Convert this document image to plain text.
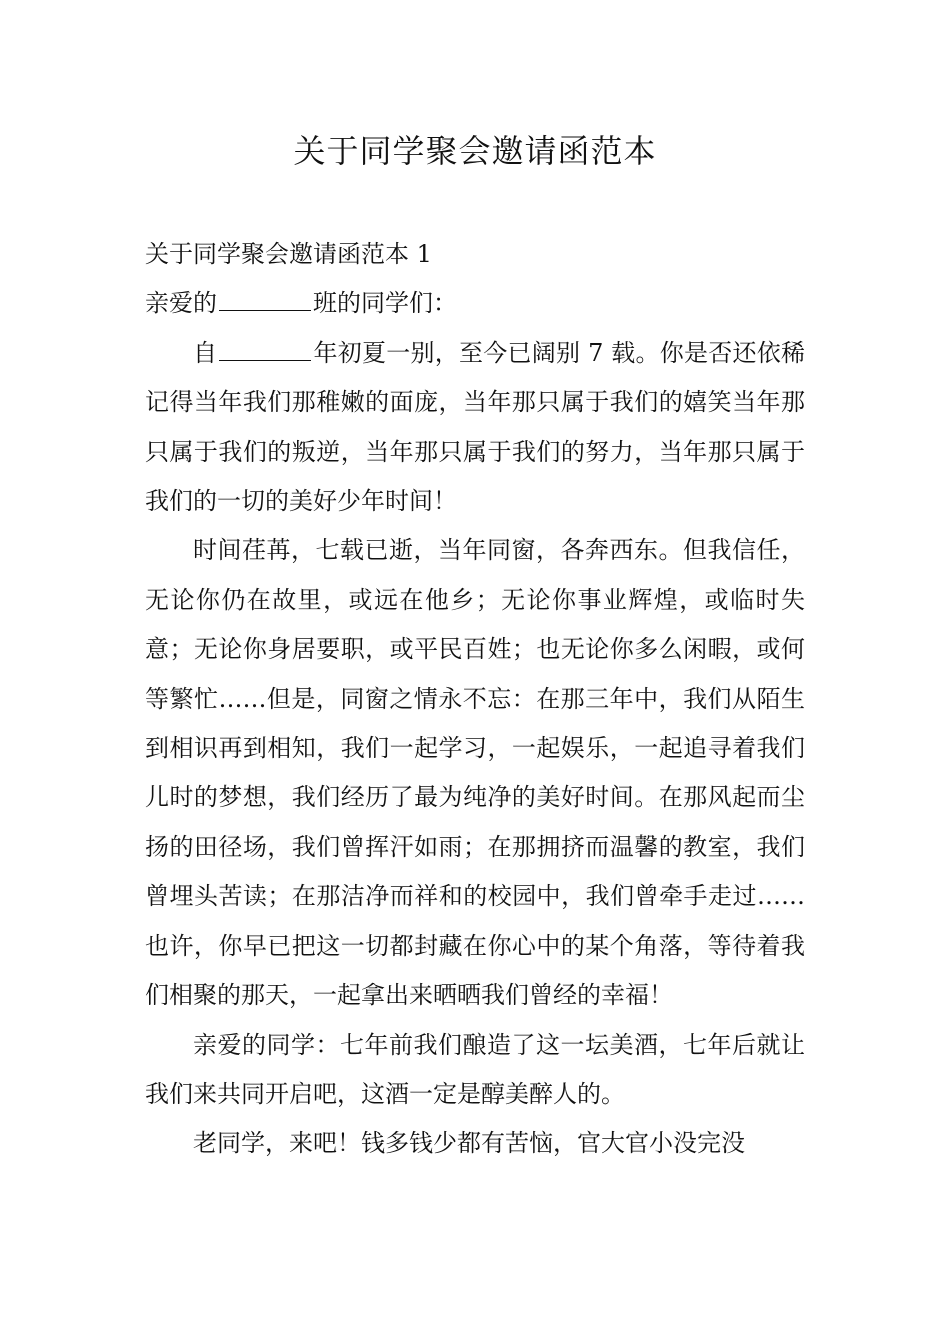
关于同学聚会邀请函范本

关于同学聚会邀请函范本 1

亲爱的	班的同学们：

自	年初夏一别，至今已阔别 7 载。你是否还依稀记得当年我们那稚嫩的面庞，当年那只属于我们的嬉笑当年那只属于我们的叛逆，当年那只属于我们的努力，当年那只属于我们的一切的美好少年时间！

时间荏苒，七载已逝，当年同窗，各奔西东。但我信任，无论你仍在故里，或远在他乡；无论你事业辉煌，或临时失意；无论你身居要职，或平民百姓；也无论你多么闲暇，或何等繁忙……但是，同窗之情永不忘：在那三年中，我们从陌生到相识再到相知，我们一起学习，一起娱乐，一起追寻着我们儿时的梦想，我们经历了最为纯净的美好时间。在那风起而尘扬的田径场，我们曾挥汗如雨；在那拥挤而温馨的教室，我们曾埋头苦读；在那洁净而祥和的校园中，我们曾牵手走过……也许，你早已把这一切都封藏在你心中的某个角落，等待着我们相聚的那天，一起拿出来晒晒我们曾经的幸福！

亲爱的同学：七年前我们酿造了这一坛美酒，七年后就让我们来共同开启吧，这酒一定是醇美醉人的。

老同学，来吧！钱多钱少都有苦恼，官大官小没完没
